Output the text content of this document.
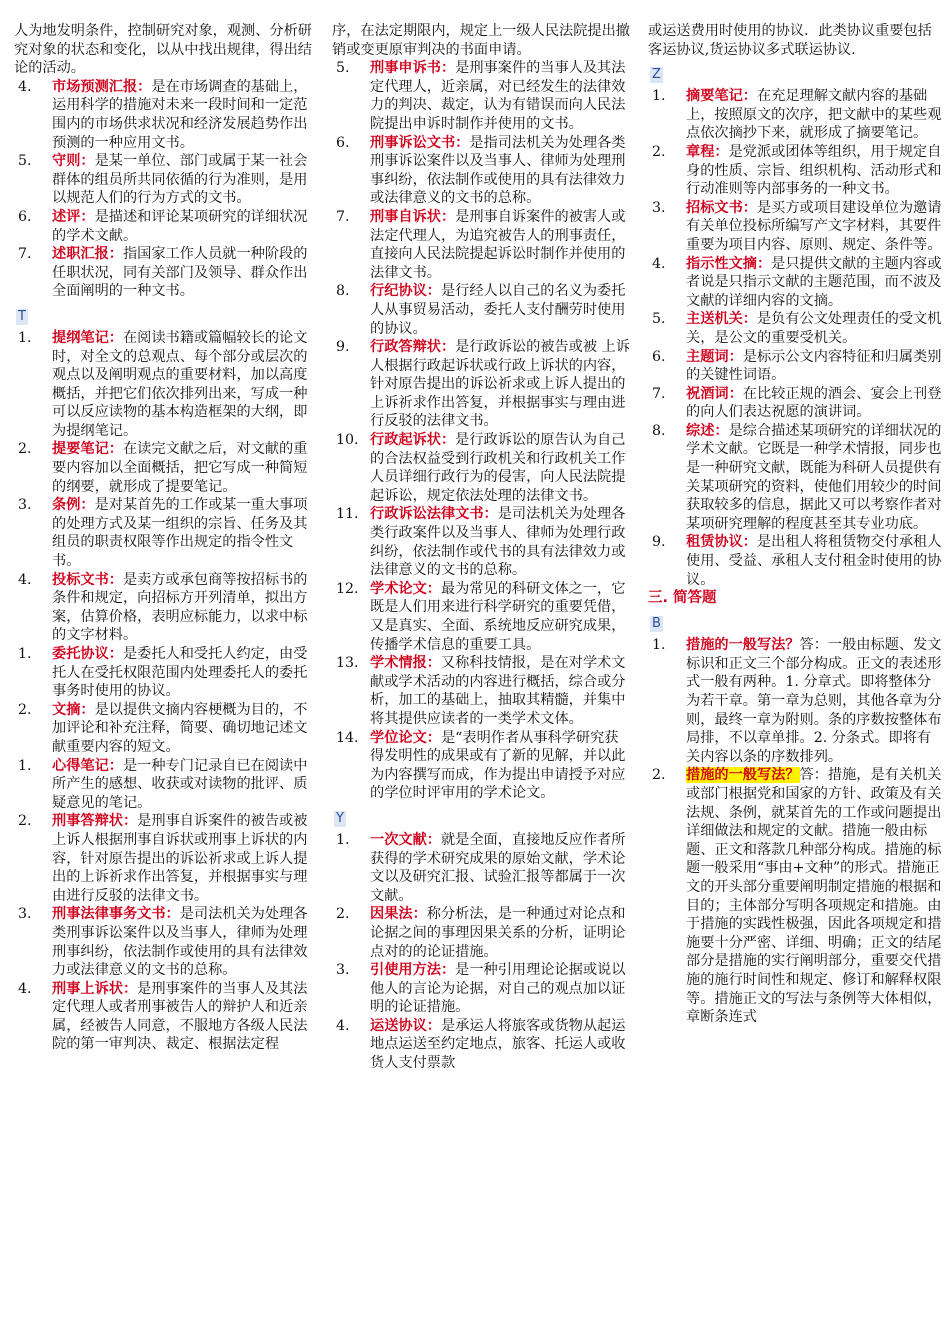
人为地发明条件，控制研究对象，观测、分析研究对象的状态和变化，以从中找出规律，得出结论的活动。
4. 市场预测汇报：是在市场调查的基础上，运用科学的措施对未来一段时间和一定范围内的市场供求状况和经济发展趋势作出预测的一种应用文书。
5. 守则：是某一单位、部门或属于某一社会群体的组员所共同依循的行为准则，是用以规范人们的行为方式的文书。
6. 述评：是描述和评论某项研究的详细状况的学术文献。
7. 述职汇报：指国家工作人员就一种阶段的任职状况，同有关部门及领导、群众作出全面阐明的一种文书。
T
1. 提纲笔记：在阅读书籍或篇幅较长的论文时，对全文的总观点、每个部分或层次的观点以及阐明观点的重要材料，加以高度概括，并把它们依次排列出来，写成一种可以反应读物的基本构造框架的大纲，即为提纲笔记。
2. 提要笔记：在读完文献之后，对文献的重要内容加以全面概括，把它写成一种简短的纲要，就形成了提要笔记。
3. 条例：是对某首先的工作或某一重大事项的处理方式及某一组织的宗旨、任务及其组员的职责权限等作出规定的指令性文书。
4. 投标文书：是卖方或承包商等按招标书的条件和规定，向招标方开列清单，拟出方案，估算价格，表明应标能力，以求中标的文字材料。
1. 委托协议：是委托人和受托人约定，由受托人在受托权限范围内处理委托人的委托事务时使用的协议。
2. 文摘：是以提供文摘内容梗概为目的，不加评论和补充注释，简要、确切地记述文献重要内容的短文。
1. 心得笔记：是一种专门记录自已在阅读中所产生的感想、收获或对读物的批评、质疑意见的笔记。
2. 刑事答辩状：是刑事自诉案件的被告或被上诉人根据刑事自诉状或刑事上诉状的内容，针对原告提出的诉讼祈求或上诉人提出的上诉祈求作出答复，并根据事实与理由进行反驳的法律文书。
3. 刑事法律事务文书：是司法机关为处理各类刑事诉讼案件以及当事人，律师为处理刑事纠纷，依法制作或使用的具有法律效力或法律意义的文书的总称。
4. 刑事上诉状：是刑事案件的当事人及其法定代理人或者刑事被告人的辩护人和近亲属，经被告人同意，不服地方各级人民法院的第一审判决、裁定、根据法定程
序，在法定期限内，规定上一级人民法院提出撤销或变更原审判决的书面申请。
5. 刑事申诉书：是刑事案件的当事人及其法定代理人，近亲属，对已经发生的法律效力的判决、裁定，认为有错误而向人民法院提出申诉时制作并使用的文书。
6. 刑事诉讼文书：是指司法机关为处理各类刑事诉讼案件以及当事人、律师为处理刑事纠纷，依法制作或使用的具有法律效力或法律意义的文书的总称。
7. 刑事自诉状：是刑事自诉案件的被害人或法定代理人，为追究被告人的刑事责任，直接向人民法院提起诉讼时制作并使用的法律文书。
8. 行纪协议：是行经人以自己的名义为委托人从事贸易活动，委托人支付酬劳时使用的协议。
9. 行政答辩状：是行政诉讼的被告或被 上诉人根据行政起诉状或行政上诉状的内容，针对原告提出的诉讼祈求或上诉人提出的上诉祈求作出答复，并根据事实与理由进行反驳的法律文书。
10. 行政起诉状：是行政诉讼的原告认为自己的合法权益受到行政机关和行政机关工作人员详细行政行为的侵害，向人民法院提起诉讼，规定依法处理的法律文书。
11. 行政诉讼法律文书：是司法机关为处理各类行政案件以及当事人、律师为处理行政纠纷，依法制作或代书的具有法律效力或法律意义的文书的总称。
12. 学术论文：最为常见的科研文体之一，它既是人们用来进行科学研究的重要凭借，又是真实、全面、系统地反应研究成果，传播学术信息的重要工具。
13. 学术情报：又称科技情报，是在对学术文献或学术活动的内容进行概括，综合或分析，加工的基础上，抽取其精髓，并集中将其提供应读者的一类学术文体。
14. 学位论文：是“表明作者从事科学研究获得发明性的成果或有了新的见解，并以此为内容撰写而成，作为提出申请授予对应的学位时评审用的学术论文。
Y
1. 一次文献：就是全面，直接地反应作者所获得的学术研究成果的原始文献，学术论文以及研究汇报、试验汇报等都属于一次文献。
2. 因果法：称分析法，是一种通过对论点和论据之间的事理因果关系的分析，证明论点对的的论证措施。
3. 引使用方法：是一种引用理论论据或说以他人的言论为论据，对自己的观点加以证明的论证措施。
4. 运送协议：是承运人将旅客或货物从起运地点运送至约定地点，旅客、托运人或收货人支付票款
或运送费用时使用的协议．此类协议重要包括客运协议,货运协议多式联运协议.
Z
1. 摘要笔记：在充足理解文献内容的基础上，按照原文的次序，把文献中的某些观点依次摘抄下来，就形成了摘要笔记。
2. 章程：是党派或团体等组织，用于规定自身的性质、宗旨、组织机构、活动形式和行动准则等内部事务的一种文书。
3. 招标文书：是买方或项目建设单位为邀请有关单位投标所编写产文字材料，其要件重要为项目内容、原则、规定、条件等。
4. 指示性文摘：是只提供文献的主题内容或者说是只指示文献的主题范围，而不波及文献的详细内容的文摘。
5. 主送机关：是负有公文处理责任的受文机关，是公文的重要受机关。
6. 主题词：是标示公文内容特征和归属类别的关键性词语。
7. 祝酒词：在比较正规的酒会、宴会上刊登的向人们表达祝愿的演讲词。
8. 综述：是综合描述某项研究的详细状况的学术文献。它既是一种学术情报，同步也是一种研究文献，既能为科研人员提供有关某项研究的资料，使他们用较少的时间获取较多的信息，据此又可以考察作者对某项研究理解的程度甚至其专业功底。
9. 租赁协议：是出租人将租赁物交付承租人使用、受益、承租人支付租金时使用的协议。
三. 简答题
B
1. 措施的一般写法？答：一般由标题、发文标识和正文三个部分构成。正文的表述形式一般有两种。1. 分章式。即将整体分为若干章。第一章为总则，其他各章为分则，最终一章为附则。条的序数按整体布局排，不以章单排。2. 分条式。即将有关内容以条的序数排列。
2. 措施的一般写法？答：措施，是有关机关或部门根据党和国家的方针、政策及有关法规、条例，就某首先的工作或问题提出详细做法和规定的文献。措施一般由标题、正文和落款几种部分构成。措施的标题一般采用“事由+文种”的形式。措施正文的开头部分重要阐明制定措施的根据和目的；主体部分写明各项规定和措施。由于措施的实践性极强，因此各项规定和措施要十分严密、详细、明确；正文的结尾部分是措施的实行阐明部分，重要交代措施的施行时间性和规定、修订和解释权限等。措施正文的写法与条例等大体相似，章断条连式
